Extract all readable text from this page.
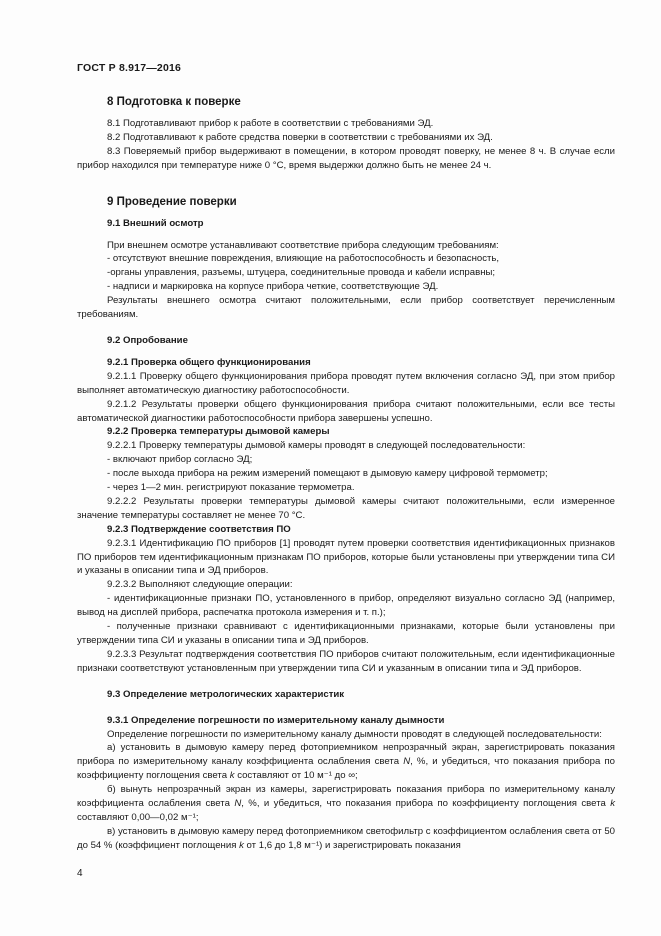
ГОСТ Р 8.917—2016
8 Подготовка к поверке

8.1 Подготавливают прибор к работе в соответствии с требованиями ЭД.

8.2 Подготавливают к работе средства поверки в соответствии с требованиями их ЭД.

8.3 Поверяемый прибор выдерживают в помещении, в котором проводят поверку, не менее 8 ч. В случае если прибор находился при температуре ниже 0 °С, время выдержки должно быть не менее 24 ч.

9 Проведение поверки
9.1 Внешний осмотр

При внешнем осмотре устанавливают соответствие прибора следующим требованиям:

- отсутствуют внешние повреждения, влияющие на работоспособность и безопасность,

-органы управления, разъемы, штуцера, соединительные провода и кабели исправны;

- надписи и маркировка на корпусе прибора четкие, соответствующие ЭД.

Результаты внешнего осмотра считают положительными, если прибор соответствует перечисленным требованиям.

9.2 Опробование
9.2.1 Проверка общего функционирования

9.2.1.1 Проверку общего функционирования прибора проводят путем включения согласно ЭД, при этом прибор выполняет автоматическую диагностику работоспособности.

9.2.1.2 Результаты проверки общего функционирования прибора считают положительными, если все тесты автоматической диагностики работоспособности прибора завершены успешно.

9.2.2 Проверка температуры дымовой камеры

9.2.2.1 Проверку температуры дымовой камеры проводят в следующей последовательности:

- включают прибор согласно ЭД;

- после выхода прибора на режим измерений помещают в дымовую камеру цифровой термометр;

- через 1—2 мин. регистрируют показание термометра.

9.2.2.2 Результаты проверки температуры дымовой камеры считают положительными, если измеренное значение температуры составляет не менее 70 °С.

9.2.3 Подтверждение соответствия ПО

9.2.3.1 Идентификацию ПО приборов [1] проводят путем проверки соответствия идентификационных признаков ПО приборов тем идентификационным признакам ПО приборов, которые были установлены при утверждении типа СИ и указаны в описании типа и ЭД приборов.

9.2.3.2 Выполняют следующие операции:

- идентификационные признаки ПО, установленного в прибор, определяют визуально согласно ЭД (например, вывод на дисплей прибора, распечатка протокола измерения и т. п.);

- полученные признаки сравнивают с идентификационными признаками, которые были установлены при утверждении типа СИ и указаны в описании типа и ЭД приборов.

9.2.3.3 Результат подтверждения соответствия ПО приборов считают положительным, если идентификационные признаки соответствуют установленным при утверждении типа СИ и указанным в описании типа и ЭД приборов.

9.3 Определение метрологических характеристик
9.3.1 Определение погрешности по измерительному каналу дымности

Определение погрешности по измерительному каналу дымности проводят в следующей последовательности:

а) установить в дымовую камеру перед фотоприемником непрозрачный экран, зарегистрировать показания прибора по измерительному каналу коэффициента ослабления света N, %, и убедиться, что показания прибора по коэффициенту поглощения света k составляют от 10 м⁻¹ до ∞;

б) вынуть непрозрачный экран из камеры, зарегистрировать показания прибора по измерительному каналу коэффициента ослабления света N, %, и убедиться, что показания прибора по коэффициенту поглощения света k составляют 0,00—0,02 м⁻¹;

в) установить в дымовую камеру перед фотоприемником светофильтр с коэффициентом ослабления света от 50 до 54 % (коэффициент поглощения k от 1,6 до 1,8 м⁻¹) и зарегистрировать показания

4
